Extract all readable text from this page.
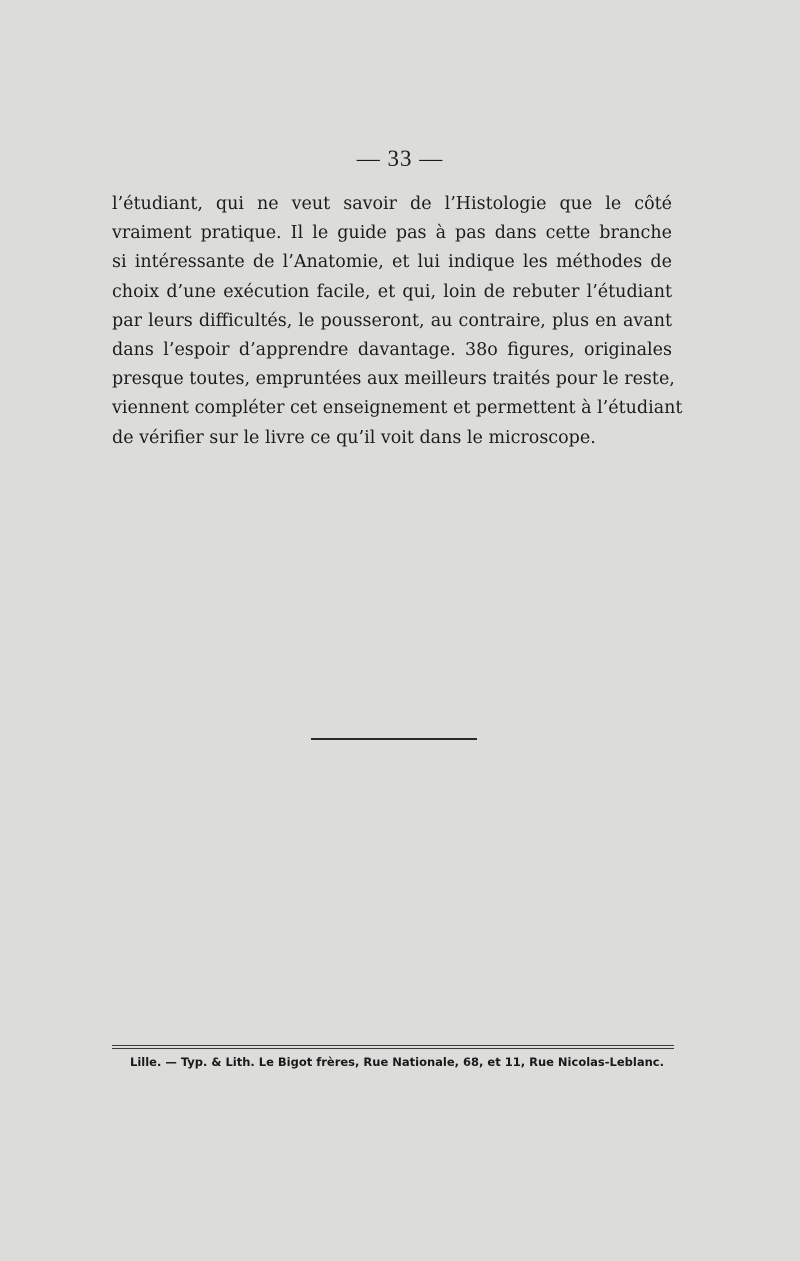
— 33 —
l’étudiant, qui ne veut savoir de l’Histologie que le côté
vraiment pratique. Il le guide pas à pas dans cette branche
si intéressante de l’Anatomie, et lui indique les méthodes de
choix d’une exécution facile, et qui, loin de rebuter l’étudiant
par leurs difficultés, le pousseront, au contraire, plus en avant
dans l’espoir d’apprendre davantage. 38o figures, originales
presque toutes, empruntées aux meilleurs traités pour le reste,
viennent compléter cet enseignement et permettent à l’étudiant
de vérifier sur le livre ce qu’il voit dans le microscope.
Lille. — Typ. & Lith. Le Bigot frères, Rue Nationale, 68, et 11, Rue Nicolas-Leblanc.
